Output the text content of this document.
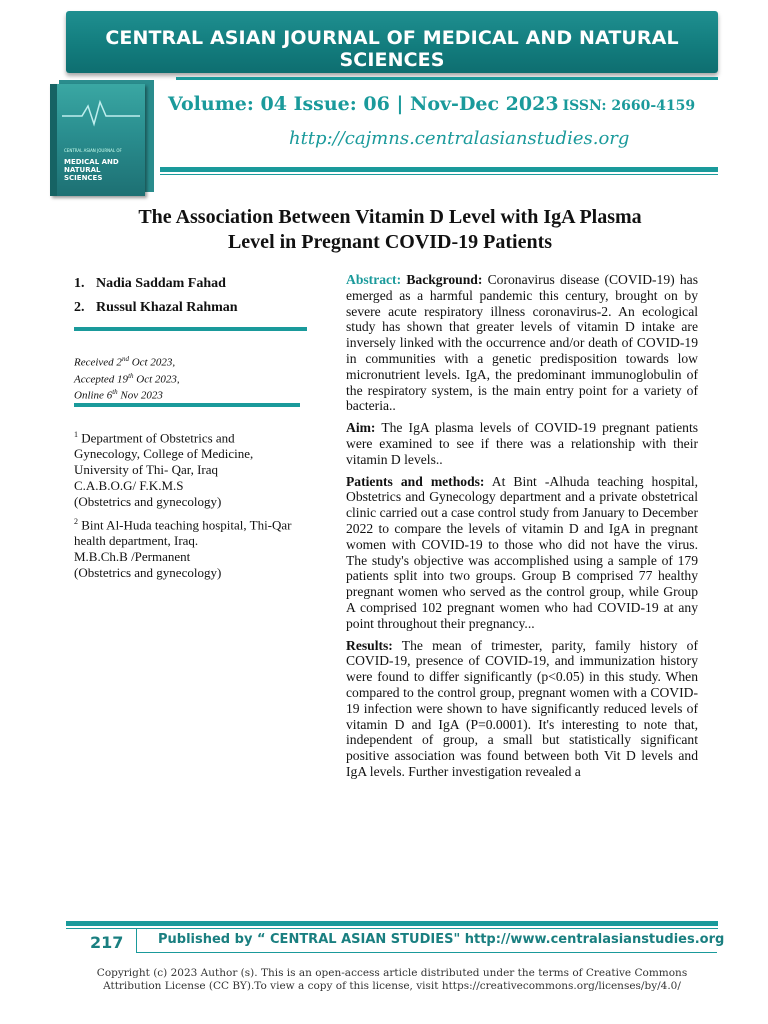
CENTRAL ASIAN JOURNAL OF MEDICAL AND NATURAL SCIENCES
CENTRAL ASIAN JOURNAL OF
MEDICAL AND
NATURAL SCIENCES
Volume: 04 Issue: 06 | Nov-Dec 2023 ISSN: 2660-4159
http://cajmns.centralasianstudies.org
The Association Between Vitamin D Level with IgA Plasma
Level in Pregnant COVID-19 Patients
1. Nadia Saddam Fahad
2. Russul Khazal Rahman
Received 2nd Oct 2023,
Accepted 19th Oct 2023,
Online 6th Nov 2023
$^1$ Department of Obstetrics and
Gynecology, College of Medicine,
University of Thi- Qar, Iraq
C.A.B.O.G/ F.K.M.S
(Obstetrics and gynecology)
$^2$ Bint Al-Huda teaching hospital, Thi-Qar
health department, Iraq.
M.B.Ch.B /Permanent
(Obstetrics and gynecology)

Abstract: Background: Coronavirus disease (COVID-19) has emerged as a harmful pandemic this century, brought on by severe acute respiratory illness coronavirus-2. An ecological study has shown that greater levels of vitamin D intake are inversely linked with the occurrence and/or death of COVID-19 in communities with a genetic predisposition towards low micronutrient levels. IgA, the predominant immunoglobulin of the respiratory system, is the main entry point for a variety of bacteria..

Aim: The IgA plasma levels of COVID-19 pregnant patients were examined to see if there was a relationship with their vitamin D levels..

Patients and methods: At Bint -Alhuda teaching hospital, Obstetrics and Gynecology department and a private obstetrical clinic carried out a case control study from January to December 2022 to compare the levels of vitamin D and IgA in pregnant women with COVID-19 to those who did not have the virus. The study's objective was accomplished using a sample of 179 patients split into two groups. Group B comprised 77 healthy pregnant women who served as the control group, while Group A comprised 102 pregnant women who had COVID-19 at any point throughout their pregnancy...

Results: The mean of trimester, parity, family history of COVID-19, presence of COVID-19, and immunization history were found to differ significantly (p<0.05) in this study. When compared to the control group, pregnant women with a COVID-19 infection were shown to have significantly reduced levels of vitamin D and IgA (P=0.0001). It's interesting to note that, independent of group, a small but statistically significant positive association was found between both Vit D levels and IgA levels. Further investigation revealed a

217	Published by “ CENTRAL ASIAN STUDIES" http://www.centralasianstudies.org
Copyright (c) 2023 Author (s). This is an open-access article distributed under the terms of Creative Commons
Attribution License (CC BY).To view a copy of this license, visit https://creativecommons.org/licenses/by/4.0/
